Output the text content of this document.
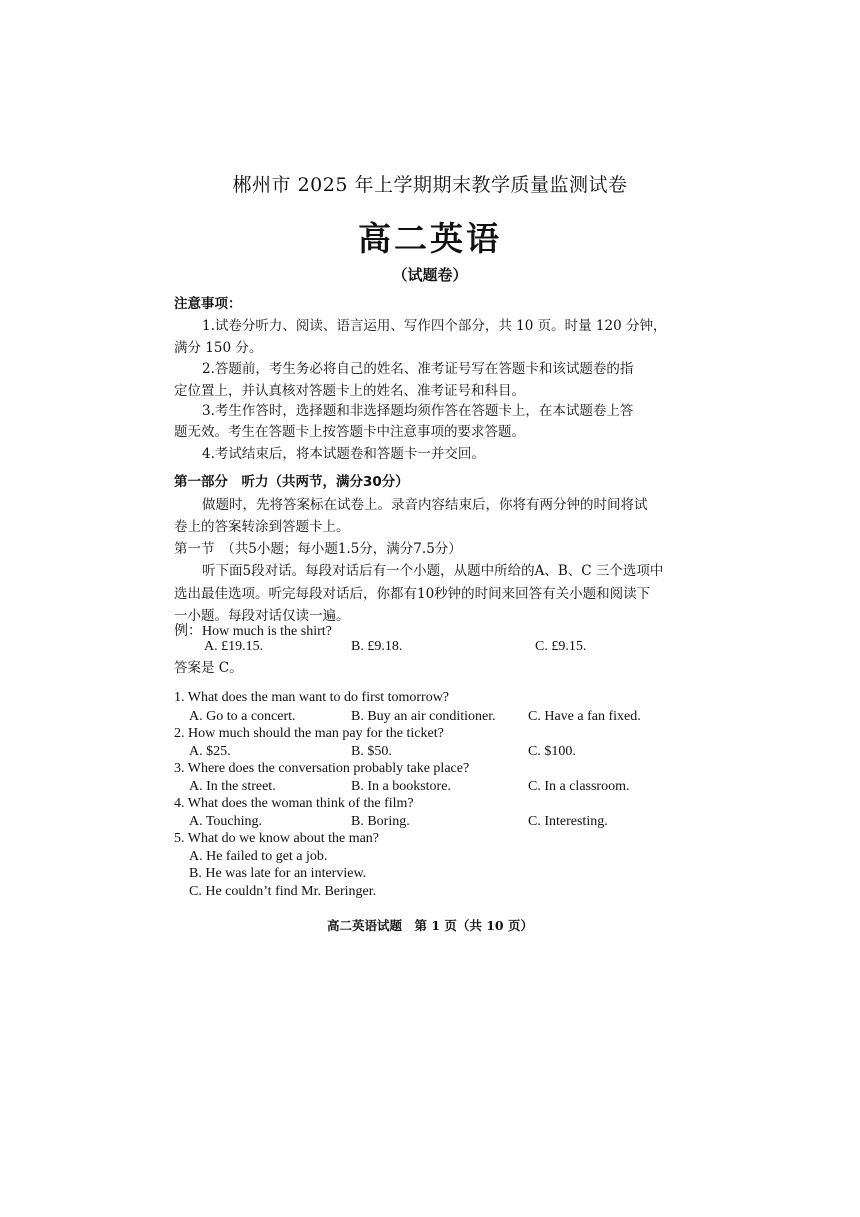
郴州市 2025 年上学期期末教学质量监测试卷
高二英语
（试题卷）
注意事项：
1.试卷分听力、阅读、语言运用、写作四个部分，共 10 页。时量 120 分钟，
满分 150 分。
2.答题前，考生务必将自己的姓名、准考证号写在答题卡和该试题卷的指
定位置上，并认真核对答题卡上的姓名、准考证号和科目。
3.考生作答时，选择题和非选择题均须作答在答题卡上，在本试题卷上答
题无效。考生在答题卡上按答题卡中注意事项的要求答题。
4.考试结束后，将本试题卷和答题卡一并交回。
第一部分　听力（共两节，满分30分）
做题时，先将答案标在试卷上。录音内容结束后，你将有两分钟的时间将试
卷上的答案转涂到答题卡上。
第一节　（共5小题；每小题1.5分，满分7.5分）
听下面5段对话。每段对话后有一个小题，从题中所给的A、B、C 三个选项中
选出最佳选项。听完每段对话后，你都有10秒钟的时间来回答有关小题和阅读下
一小题。每段对话仅读一遍。
例：How much is the shirt?
A. £19.15.	B. £9.18.	C. £9.15.
答案是 C。
1. What does the man want to do first tomorrow?
A. Go to a concert.	B. Buy an air conditioner. C. Have a fan fixed.
2. How much should the man pay for the ticket?
A. $25.	B. $50.	C. $100.
3. Where does the conversation probably take place?
A. In the street.	B. In a bookstore.	C. In a classroom.
4. What does the woman think of the film?
A. Touching.	B. Boring.	C. Interesting.
5. What do we know about the man?
A. He failed to get a job.
B. He was late for an interview.
C. He couldn’t find Mr. Beringer.
高二英语试题　第 1 页（共 10 页）
